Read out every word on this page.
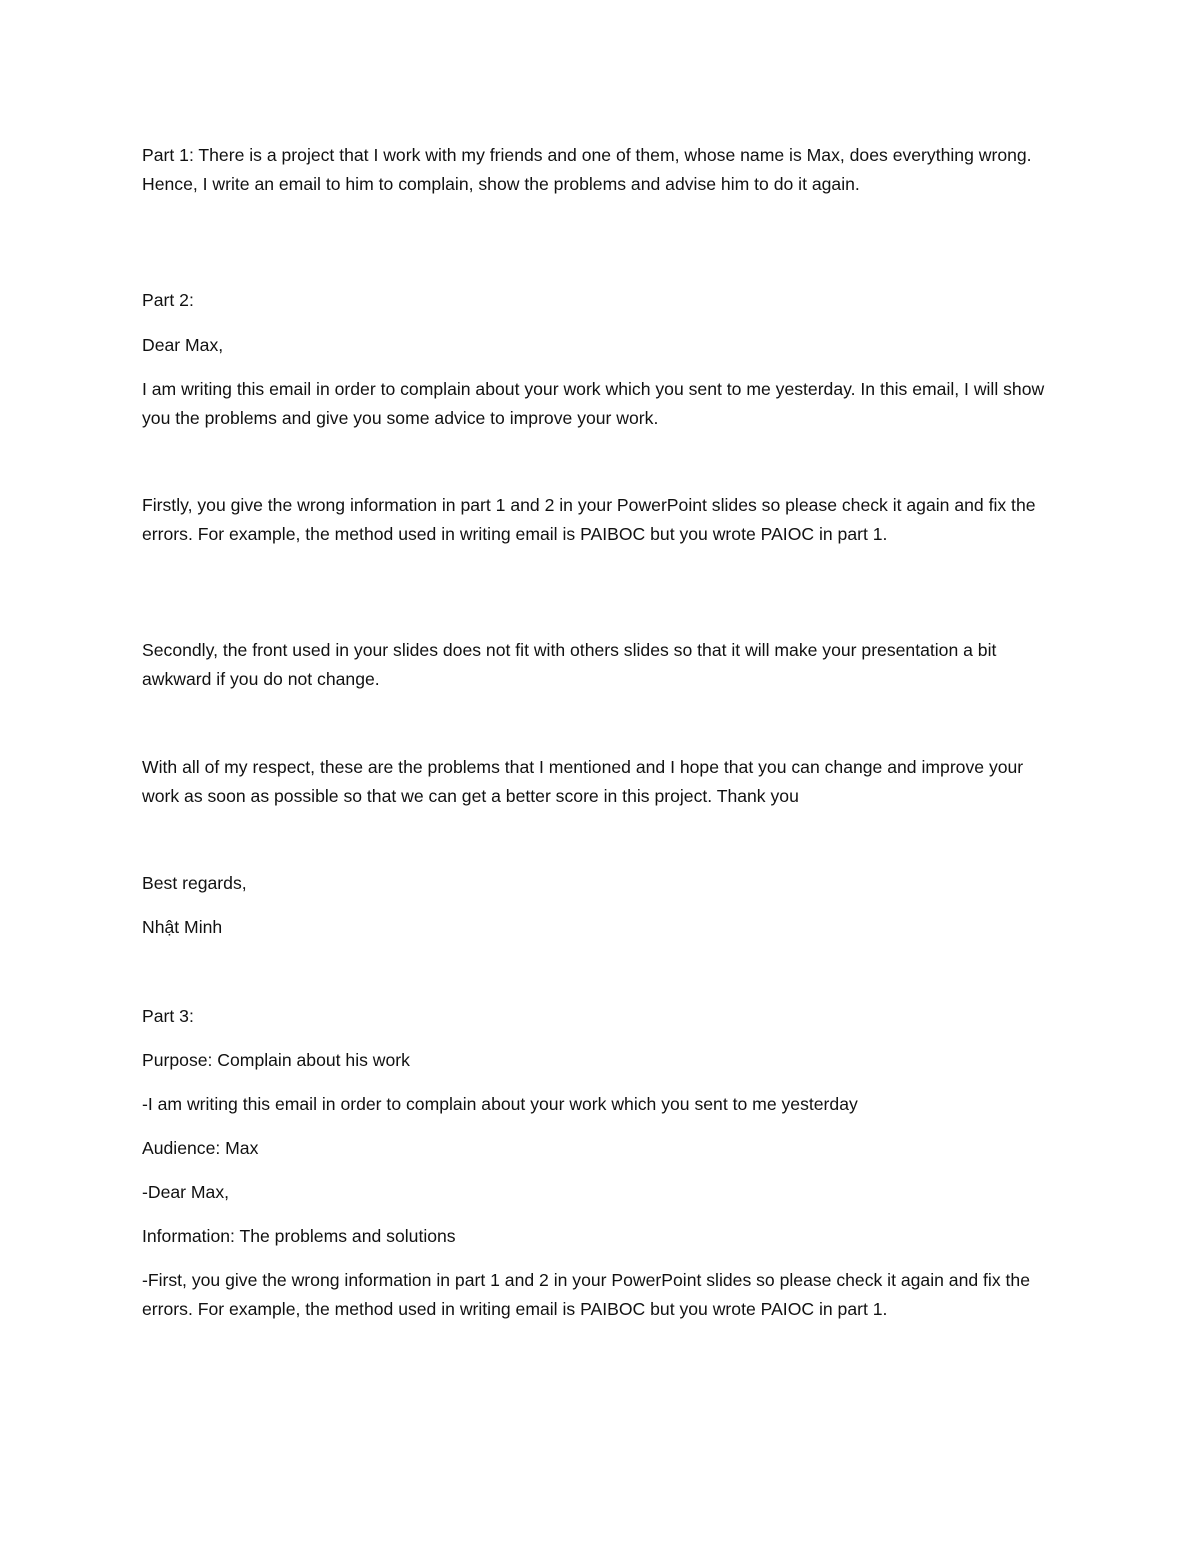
Part 1: There is a project that I work with my friends and one of them, whose name is Max, does everything wrong. Hence, I write an email to him to complain, show the problems and advise him to do it again.

Part 2:

Dear Max,

I am writing this email in order to complain about your work which you sent to me yesterday. In this email, I will show you the problems and give you some advice to improve your work.

Firstly, you give the wrong information in part 1 and 2 in your PowerPoint slides so please check it again and fix the errors. For example, the method used in writing email is PAIBOC but you wrote PAIOC in part 1.

Secondly, the front used in your slides does not fit with others slides so that it will make your presentation a bit awkward if you do not change.

With all of my respect, these are the problems that I mentioned and I hope that you can change and improve your work as soon as possible so that we can get a better score in this project. Thank you

Best regards,

Nhật Minh

Part 3:

Purpose: Complain about his work

-I am writing this email in order to complain about your work which you sent to me yesterday

Audience: Max

-Dear Max,

Information: The problems and solutions

-First, you give the wrong information in part 1 and 2 in your PowerPoint slides so please check it again and fix the errors. For example, the method used in writing email is PAIBOC but you wrote PAIOC in part 1.
